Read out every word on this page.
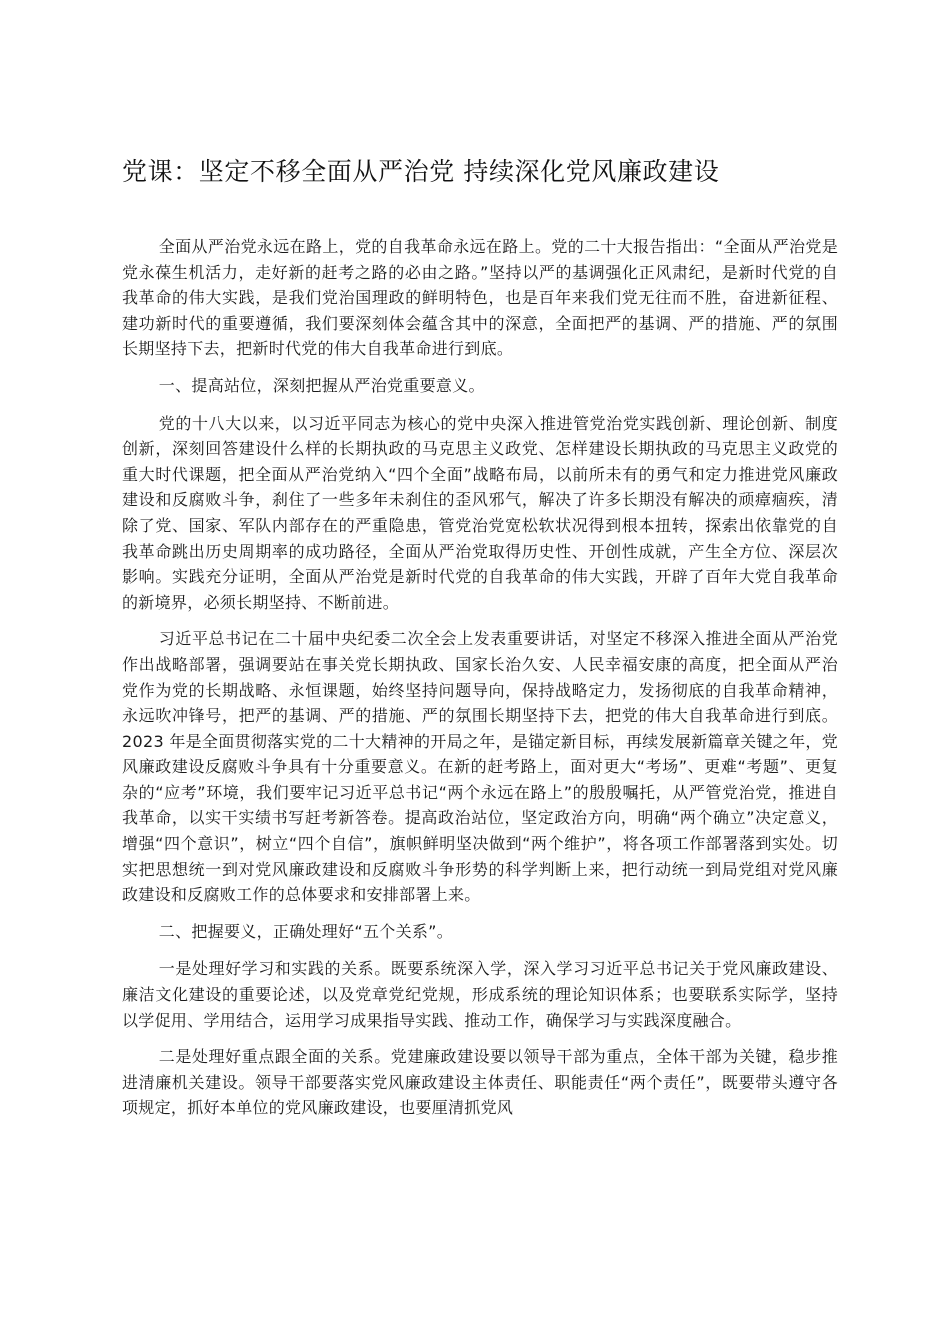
党课：坚定不移全面从严治党 持续深化党风廉政建设

全面从严治党永远在路上，党的自我革命永远在路上。党的二十大报告指出：“全面从严治党是党永葆生机活力，走好新的赶考之路的必由之路。”坚持以严的基调强化正风肃纪，是新时代党的自我革命的伟大实践，是我们党治国理政的鲜明特色，也是百年来我们党无往而不胜，奋进新征程、建功新时代的重要遵循，我们要深刻体会蕴含其中的深意，全面把严的基调、严的措施、严的氛围长期坚持下去，把新时代党的伟大自我革命进行到底。

一、提高站位，深刻把握从严治党重要意义。

党的十八大以来，以习近平同志为核心的党中央深入推进管党治党实践创新、理论创新、制度创新，深刻回答建设什么样的长期执政的马克思主义政党、怎样建设长期执政的马克思主义政党的重大时代课题，把全面从严治党纳入“四个全面”战略布局，以前所未有的勇气和定力推进党风廉政建设和反腐败斗争，刹住了一些多年未刹住的歪风邪气，解决了许多长期没有解决的顽瘴痼疾，清除了党、国家、军队内部存在的严重隐患，管党治党宽松软状况得到根本扭转，探索出依靠党的自我革命跳出历史周期率的成功路径，全面从严治党取得历史性、开创性成就，产生全方位、深层次影响。实践充分证明，全面从严治党是新时代党的自我革命的伟大实践，开辟了百年大党自我革命的新境界，必须长期坚持、不断前进。

习近平总书记在二十届中央纪委二次全会上发表重要讲话，对坚定不移深入推进全面从严治党作出战略部署，强调要站在事关党长期执政、国家长治久安、人民幸福安康的高度，把全面从严治党作为党的长期战略、永恒课题，始终坚持问题导向，保持战略定力，发扬彻底的自我革命精神，永远吹冲锋号，把严的基调、严的措施、严的氛围长期坚持下去，把党的伟大自我革命进行到底。2023 年是全面贯彻落实党的二十大精神的开局之年，是锚定新目标，再续发展新篇章关键之年，党风廉政建设反腐败斗争具有十分重要意义。在新的赶考路上，面对更大“考场”、更难“考题”、更复杂的“应考”环境，我们要牢记习近平总书记“两个永远在路上”的殷殷嘱托，从严管党治党，推进自我革命，以实干实绩书写赶考新答卷。提高政治站位，坚定政治方向，明确“两个确立”决定意义，增强“四个意识”，树立“四个自信”，旗帜鲜明坚决做到“两个维护”，将各项工作部署落到实处。切实把思想统一到对党风廉政建设和反腐败斗争形势的科学判断上来，把行动统一到局党组对党风廉政建设和反腐败工作的总体要求和安排部署上来。

二、把握要义，正确处理好“五个关系”。

一是处理好学习和实践的关系。既要系统深入学，深入学习习近平总书记关于党风廉政建设、廉洁文化建设的重要论述，以及党章党纪党规，形成系统的理论知识体系；也要联系实际学，坚持以学促用、学用结合，运用学习成果指导实践、推动工作，确保学习与实践深度融合。

二是处理好重点跟全面的关系。党建廉政建设要以领导干部为重点，全体干部为关键，稳步推进清廉机关建设。领导干部要落实党风廉政建设主体责任、职能责任“两个责任”，既要带头遵守各项规定，抓好本单位的党风廉政建设，也要厘清抓党风
